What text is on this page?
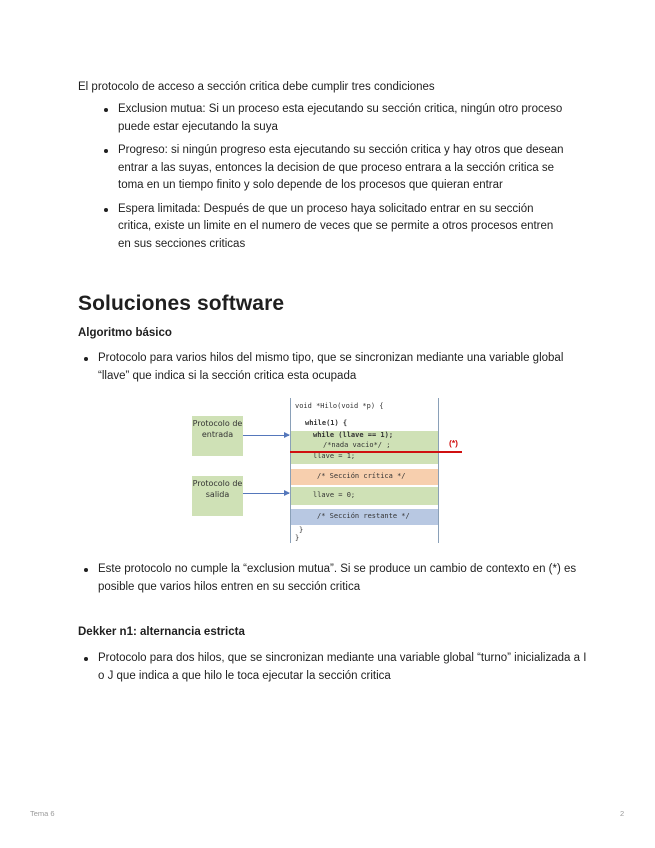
El protocolo de acceso a sección critica debe cumplir tres condiciones

Exclusion mutua: Si un proceso esta ejecutando su sección critica, ningún otro proceso puede estar ejecutando la suya
Progreso: si ningún progreso esta ejecutando su sección critica y hay otros que desean entrar a las suyas, entonces la decision de que proceso entrara a la sección critica se toma en un tiempo finito y solo depende de los procesos que quieran entrar
Espera limitada: Después de que un proceso haya solicitado entrar en su sección critica, existe un limite en el numero de veces que se permite a otros procesos entren en sus secciones criticas
Soluciones software
Algoritmo básico
Protocolo para varios hilos del mismo tipo, que se sincronizan mediante una variable global “llave” que indica si la sección critica esta ocupada
Protocolo de entrada
Protocolo de salida
void *Hilo(void *p) {
while(1) {
while (llave == 1);
/*nada vacio*/ ;
llave = 1;
/* Sección crítica */
llave = 0;
/* Sección restante */
}
}
(*)
Este protocolo no cumple la “exclusion mutua”. Si se produce un cambio de contexto en (*) es posible que varios hilos entren en su sección critica
Dekker n1: alternancia estricta
Protocolo para dos hilos, que se sincronizan mediante una variable global “turno” inicializada a I o J que indica a que hilo le toca ejecutar la sección critica
Tema 6	2
